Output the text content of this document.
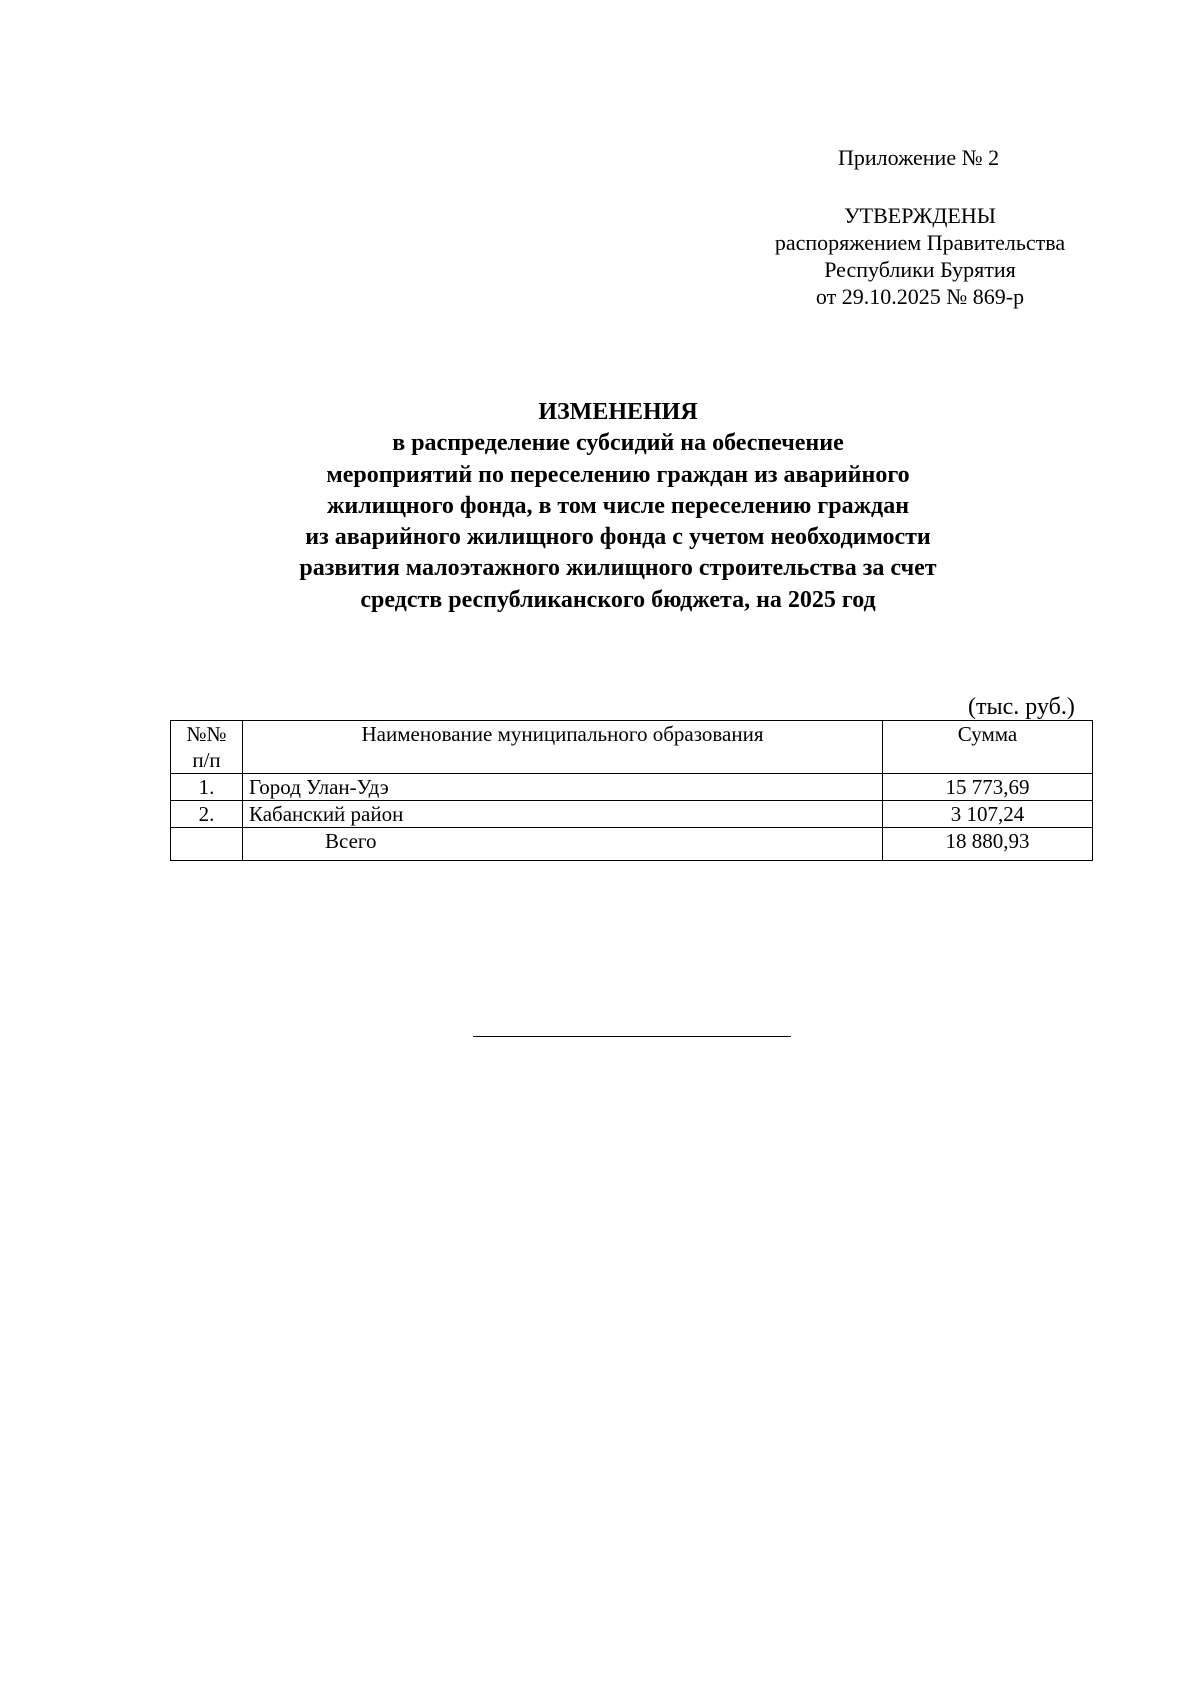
Приложение № 2
УТВЕРЖДЕНЫ
распоряжением Правительства
Республики Бурятия
от 29.10.2025 № 869-р
ИЗМЕНЕНИЯ
в распределение субсидий на обеспечение
мероприятий по переселению граждан из аварийного
жилищного фонда, в том числе переселению граждан
из аварийного жилищного фонда с учетом необходимости
развития малоэтажного жилищного строительства за счет
средств республиканского бюджета, на 2025 год
(тыс. руб.)
№№
п/п	Наименование муниципального образования	Сумма
1.	Город Улан-Удэ	15 773,69
2.	Кабанский район	3 107,24
	Всего	18 880,93
